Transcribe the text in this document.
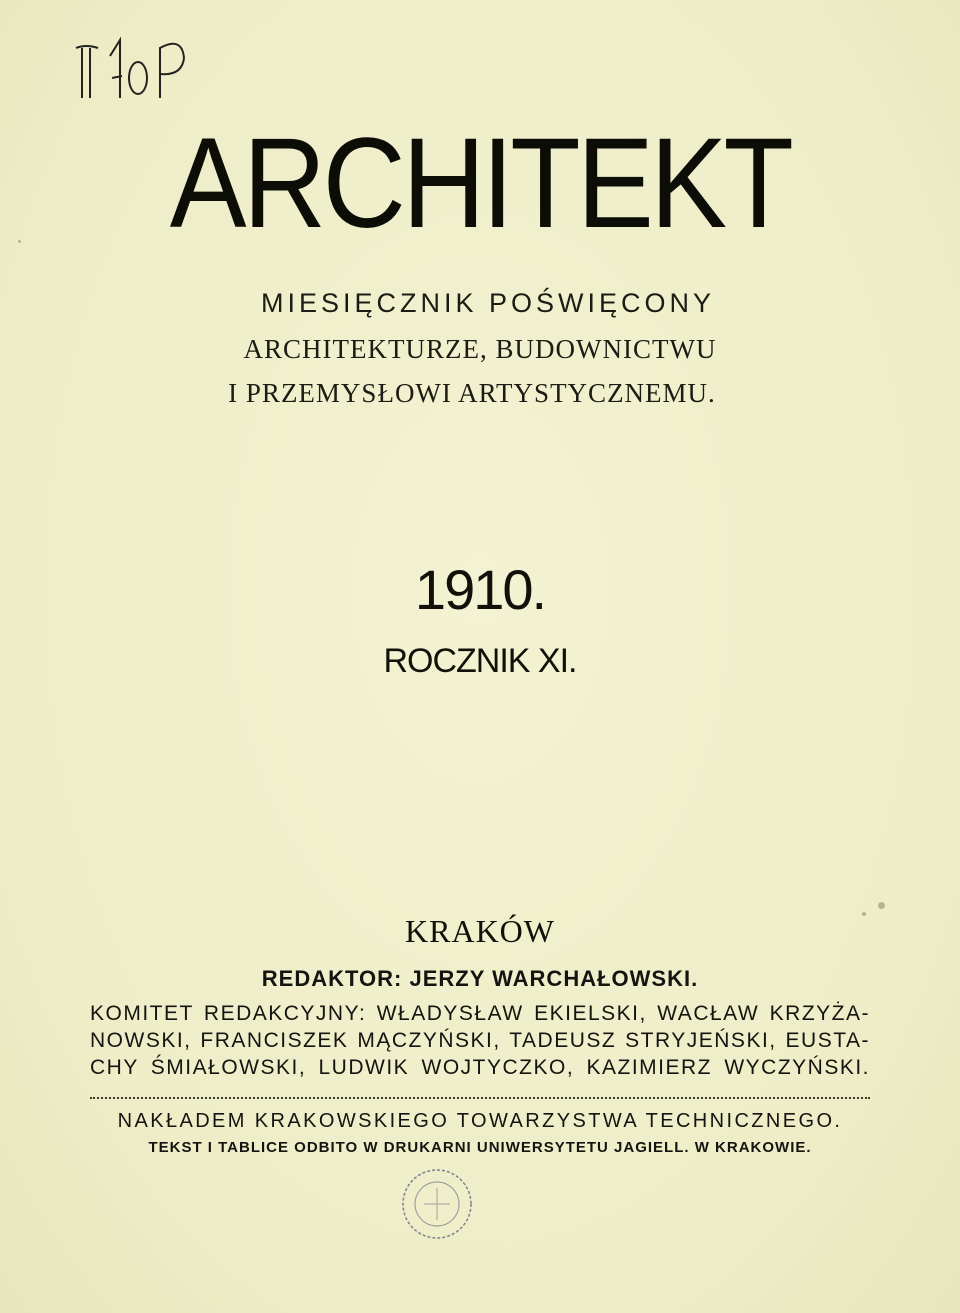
ARCHITEKT
MIESIĘCZNIK POŚWIĘCONY
ARCHITEKTURZE, BUDOWNICTWU
I PRZEMYSŁOWI ARTYSTYCZNEMU.
1910.
ROCZNIK XI.
KRAKÓW
REDAKTOR: JERZY WARCHAŁOWSKI.
KOMITET REDAKCYJNY: WŁADYSŁAW EKIELSKI, WACŁAW KRZYŻA-
NOWSKI, FRANCISZEK MĄCZYŃSKI, TADEUSZ STRYJEŃSKI, EUSTA-
CHY ŚMIAŁOWSKI, LUDWIK WOJTYCZKO, KAZIMIERZ WYCZYŃSKI.
NAKŁADEM KRAKOWSKIEGO TOWARZYSTWA TECHNICZNEGO.
TEKST I TABLICE ODBITO W DRUKARNI UNIWERSYTETU JAGIELL. W KRAKOWIE.
